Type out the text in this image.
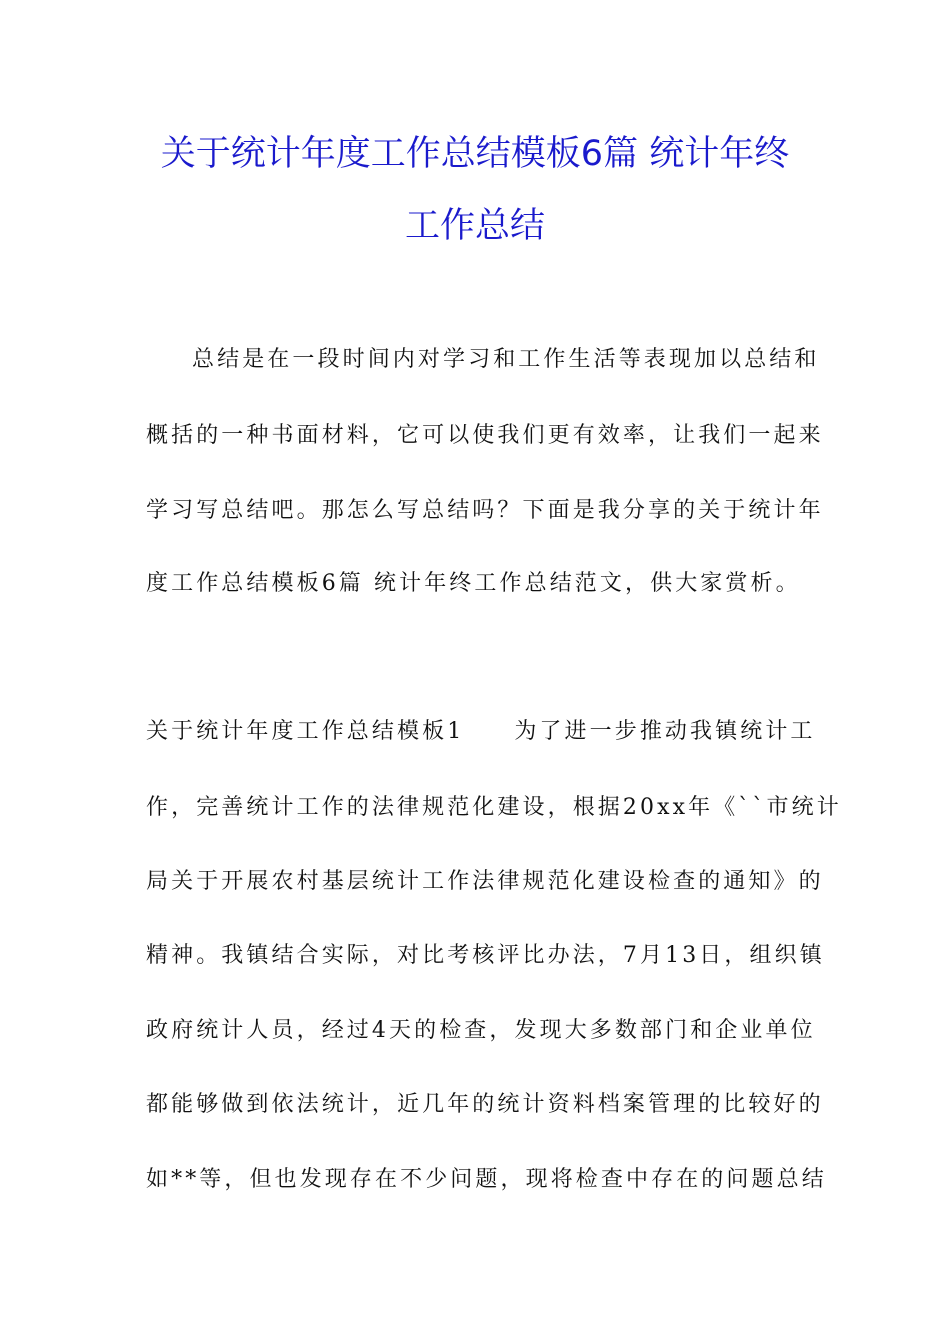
关于统计年度工作总结模板6篇 统计年终
工作总结

总结是在一段时间内对学习和工作生活等表现加以总结和

概括的一种书面材料，它可以使我们更有效率，让我们一起来

学习写总结吧。那怎么写总结吗？下面是我分享的关于统计年

度工作总结模板6篇 统计年终工作总结范文，供大家赏析。

关于统计年度工作总结模板1 为了进一步推动我镇统计工

作，完善统计工作的法律规范化建设，根据20xx年《``市统计

局关于开展农村基层统计工作法律规范化建设检查的通知》的

精神。我镇结合实际，对比考核评比办法，7月13日，组织镇

政府统计人员，经过4天的检查，发现大多数部门和企业单位

都能够做到依法统计，近几年的统计资料档案管理的比较好的

如**等，但也发现存在不少问题，现将检查中存在的问题总结
